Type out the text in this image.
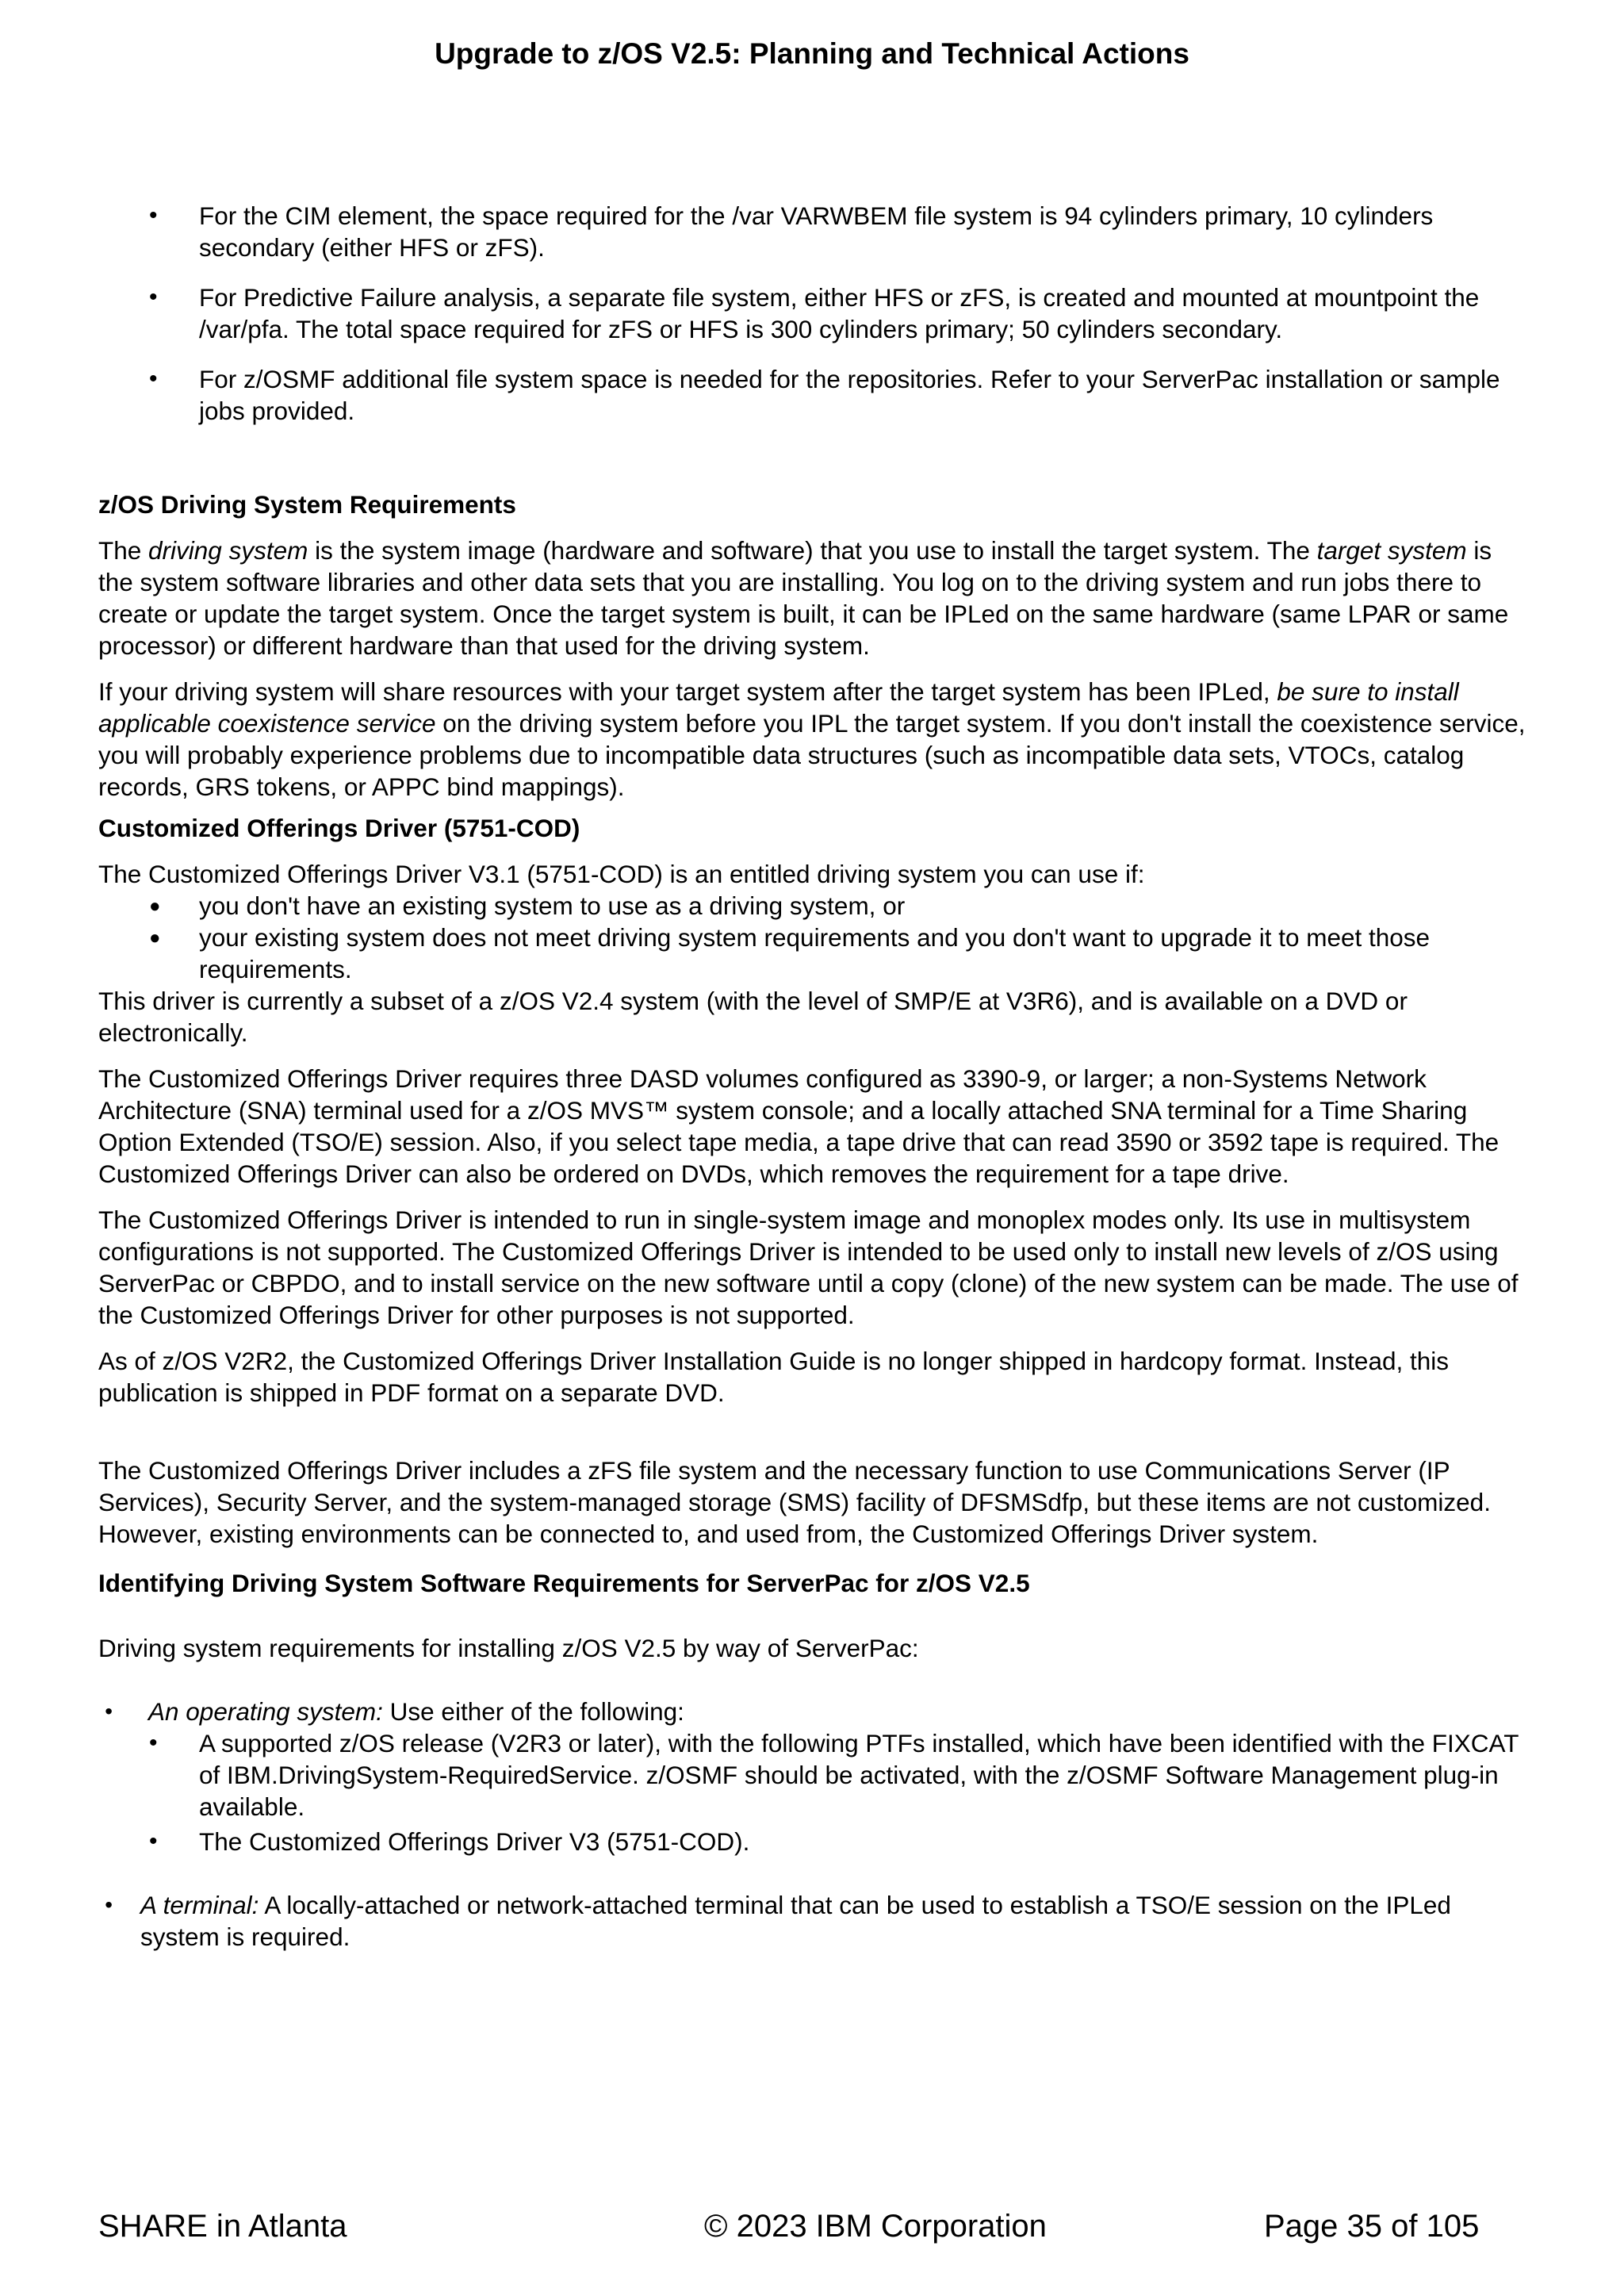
Upgrade to z/OS V2.5: Planning and Technical Actions
• For the CIM element, the space required for the /var VARWBEM file system is 94 cylinders primary, 10 cylinders secondary (either HFS or zFS).
• For Predictive Failure analysis, a separate file system, either HFS or zFS, is created and mounted at mountpoint the /var/pfa. The total space required for zFS or HFS is 300 cylinders primary; 50 cylinders secondary.
• For z/OSMF additional file system space is needed for the repositories. Refer to your ServerPac installation or sample jobs provided.

z/OS Driving System Requirements

The driving system is the system image (hardware and software) that you use to install the target system. The target system is the system software libraries and other data sets that you are installing. You log on to the driving system and run jobs there to create or update the target system. Once the target system is built, it can be IPLed on the same hardware (same LPAR or same processor) or different hardware than that used for the driving system.

If your driving system will share resources with your target system after the target system has been IPLed, be sure to install applicable coexistence service on the driving system before you IPL the target system. If you don't install the coexistence service, you will probably experience problems due to incompatible data structures (such as incompatible data sets, VTOCs, catalog records, GRS tokens, or APPC bind mappings).

Customized Offerings Driver (5751-COD)

The Customized Offerings Driver V3.1 (5751-COD) is an entitled driving system you can use if:

● you don't have an existing system to use as a driving system, or
● your existing system does not meet driving system requirements and you don't want to upgrade it to meet those requirements.

This driver is currently a subset of a z/OS V2.4 system (with the level of SMP/E at V3R6), and is available on a DVD or electronically.

The Customized Offerings Driver requires three DASD volumes configured as 3390-9, or larger; a non-Systems Network Architecture (SNA) terminal used for a z/OS MVS™ system console; and a locally attached SNA terminal for a Time Sharing Option Extended (TSO/E) session. Also, if you select tape media, a tape drive that can read 3590 or 3592 tape is required. The Customized Offerings Driver can also be ordered on DVDs, which removes the requirement for a tape drive.

The Customized Offerings Driver is intended to run in single-system image and monoplex modes only. Its use in multisystem configurations is not supported. The Customized Offerings Driver is intended to be used only to install new levels of z/OS using ServerPac or CBPDO, and to install service on the new software until a copy (clone) of the new system can be made. The use of the Customized Offerings Driver for other purposes is not supported.

As of z/OS V2R2, the Customized Offerings Driver Installation Guide is no longer shipped in hardcopy format. Instead, this publication is shipped in PDF format on a separate DVD.

The Customized Offerings Driver includes a zFS file system and the necessary function to use Communications Server (IP Services), Security Server, and the system-managed storage (SMS) facility of DFSMSdfp, but these items are not customized. However, existing environments can be connected to, and used from, the Customized Offerings Driver system.

Identifying Driving System Software Requirements for ServerPac for z/OS V2.5

Driving system requirements for installing z/OS V2.5 by way of ServerPac:

• An operating system: Use either of the following:
• A supported z/OS release (V2R3 or later), with the following PTFs installed, which have been identified with the FIXCAT of IBM.DrivingSystem-RequiredService. z/OSMF should be activated, with the z/OSMF Software Management plug-in available.
• The Customized Offerings Driver V3 (5751-COD).
• A terminal: A locally-attached or network-attached terminal that can be used to establish a TSO/E session on the IPLed system is required.
SHARE in Atlanta	© 2023 IBM Corporation	Page 35 of 105
